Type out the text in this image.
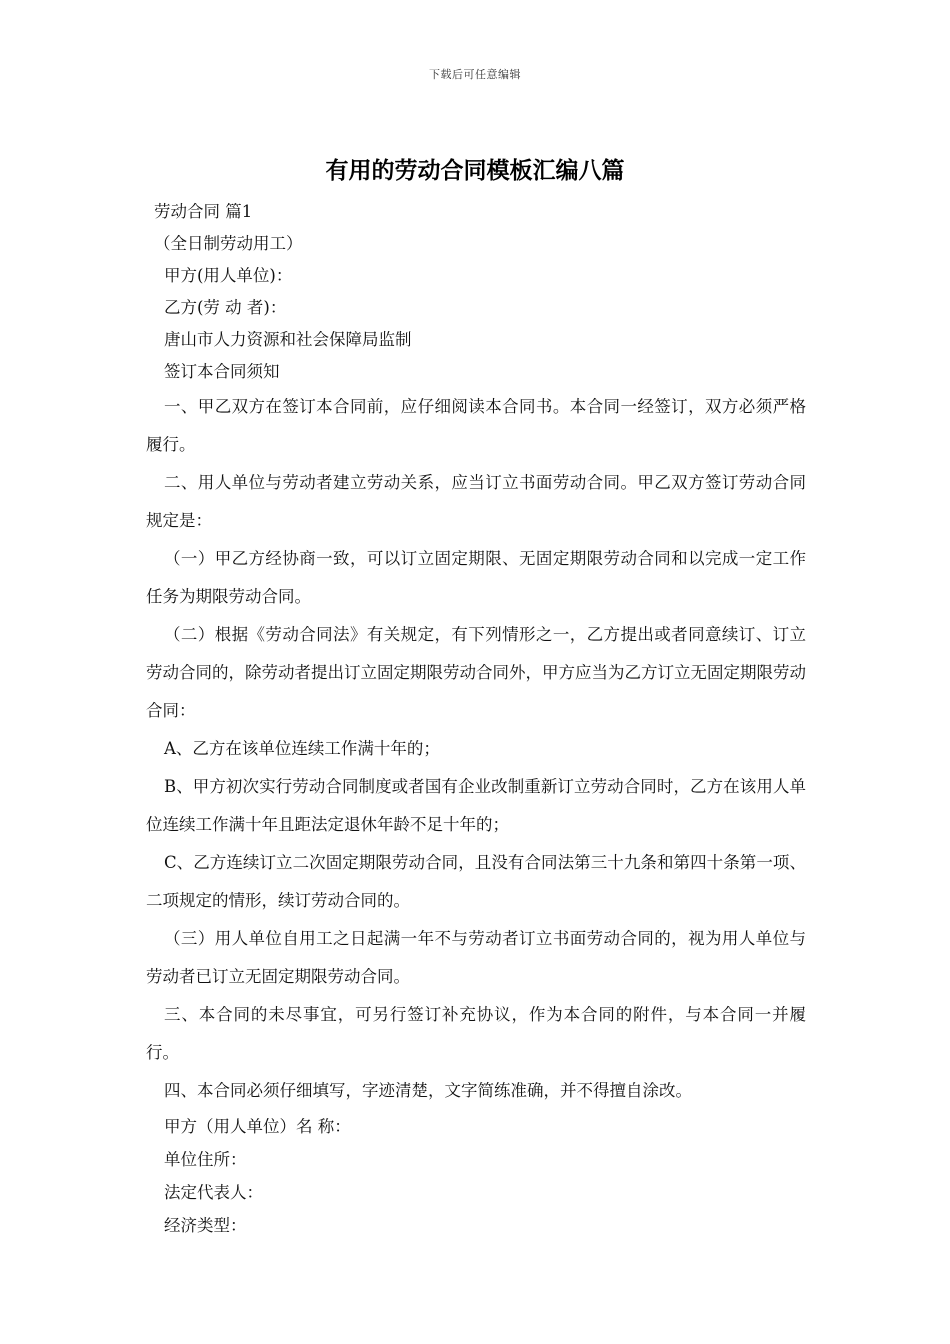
下载后可任意编辑
有用的劳动合同模板汇编八篇

劳动合同 篇1

（全日制劳动用工）

甲方(用人单位)：

乙方(劳 动 者)：

唐山市人力资源和社会保障局监制

签订本合同须知

一、甲乙双方在签订本合同前，应仔细阅读本合同书。本合同一经签订，双方必须严格履行。

二、用人单位与劳动者建立劳动关系，应当订立书面劳动合同。甲乙双方签订劳动合同规定是：

（一）甲乙方经协商一致，可以订立固定期限、无固定期限劳动合同和以完成一定工作任务为期限劳动合同。

（二）根据《劳动合同法》有关规定，有下列情形之一，乙方提出或者同意续订、订立劳动合同的，除劳动者提出订立固定期限劳动合同外，甲方应当为乙方订立无固定期限劳动合同：

A、乙方在该单位连续工作满十年的；

B、甲方初次实行劳动合同制度或者国有企业改制重新订立劳动合同时，乙方在该用人单位连续工作满十年且距法定退休年龄不足十年的；

C、乙方连续订立二次固定期限劳动合同，且没有合同法第三十九条和第四十条第一项、二项规定的情形，续订劳动合同的。

（三）用人单位自用工之日起满一年不与劳动者订立书面劳动合同的，视为用人单位与劳动者已订立无固定期限劳动合同。

三、本合同的未尽事宜，可另行签订补充协议，作为本合同的附件，与本合同一并履行。

四、本合同必须仔细填写，字迹清楚，文字简练准确，并不得擅自涂改。

甲方（用人单位）名 称：

单位住所：

法定代表人：

经济类型：
